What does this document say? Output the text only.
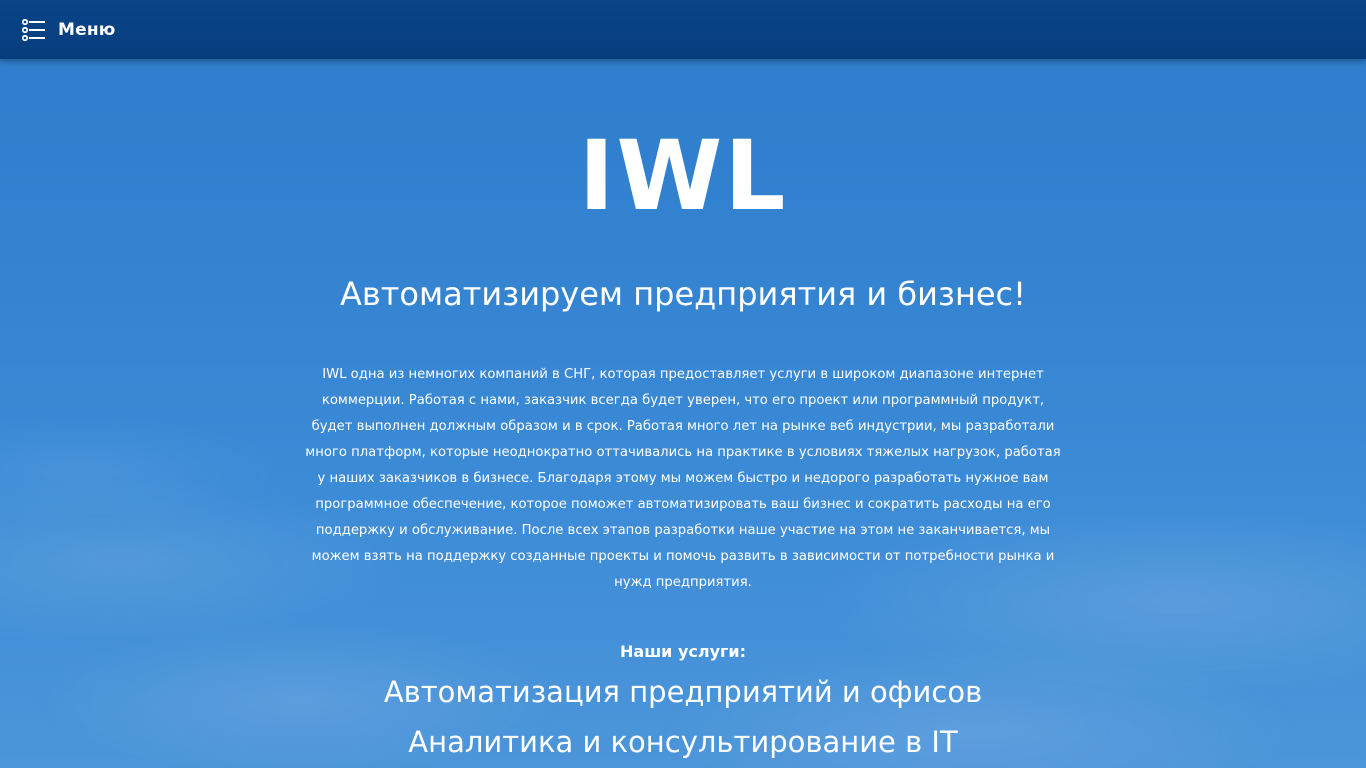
Меню
IWL
Автоматизируем предприятия и бизнес!

IWL одна из немногих компаний в СНГ, которая предоставляет услуги в широком диапазоне интернет коммерции. Работая с нами, заказчик всегда будет уверен, что его проект или программный продукт, будет выполнен должным образом и в срок. Работая много лет на рынке веб индустрии, мы разработали много платформ, которые неоднократно оттачивались на практике в условиях тяжелых нагрузок, работая у наших заказчиков в бизнесе. Благодаря этому мы можем быстро и недорого разработать нужное вам программное обеспечение, которое поможет автоматизировать ваш бизнес и сократить расходы на его поддержку и обслуживание. После всех этапов разработки наше участие на этом не заканчивается, мы можем взять на поддержку созданные проекты и помочь развить в зависимости от потребности рынка и нужд предприятия.

Наши услуги:
Автоматизация предприятий и офисов
Аналитика и консультирование в IT
